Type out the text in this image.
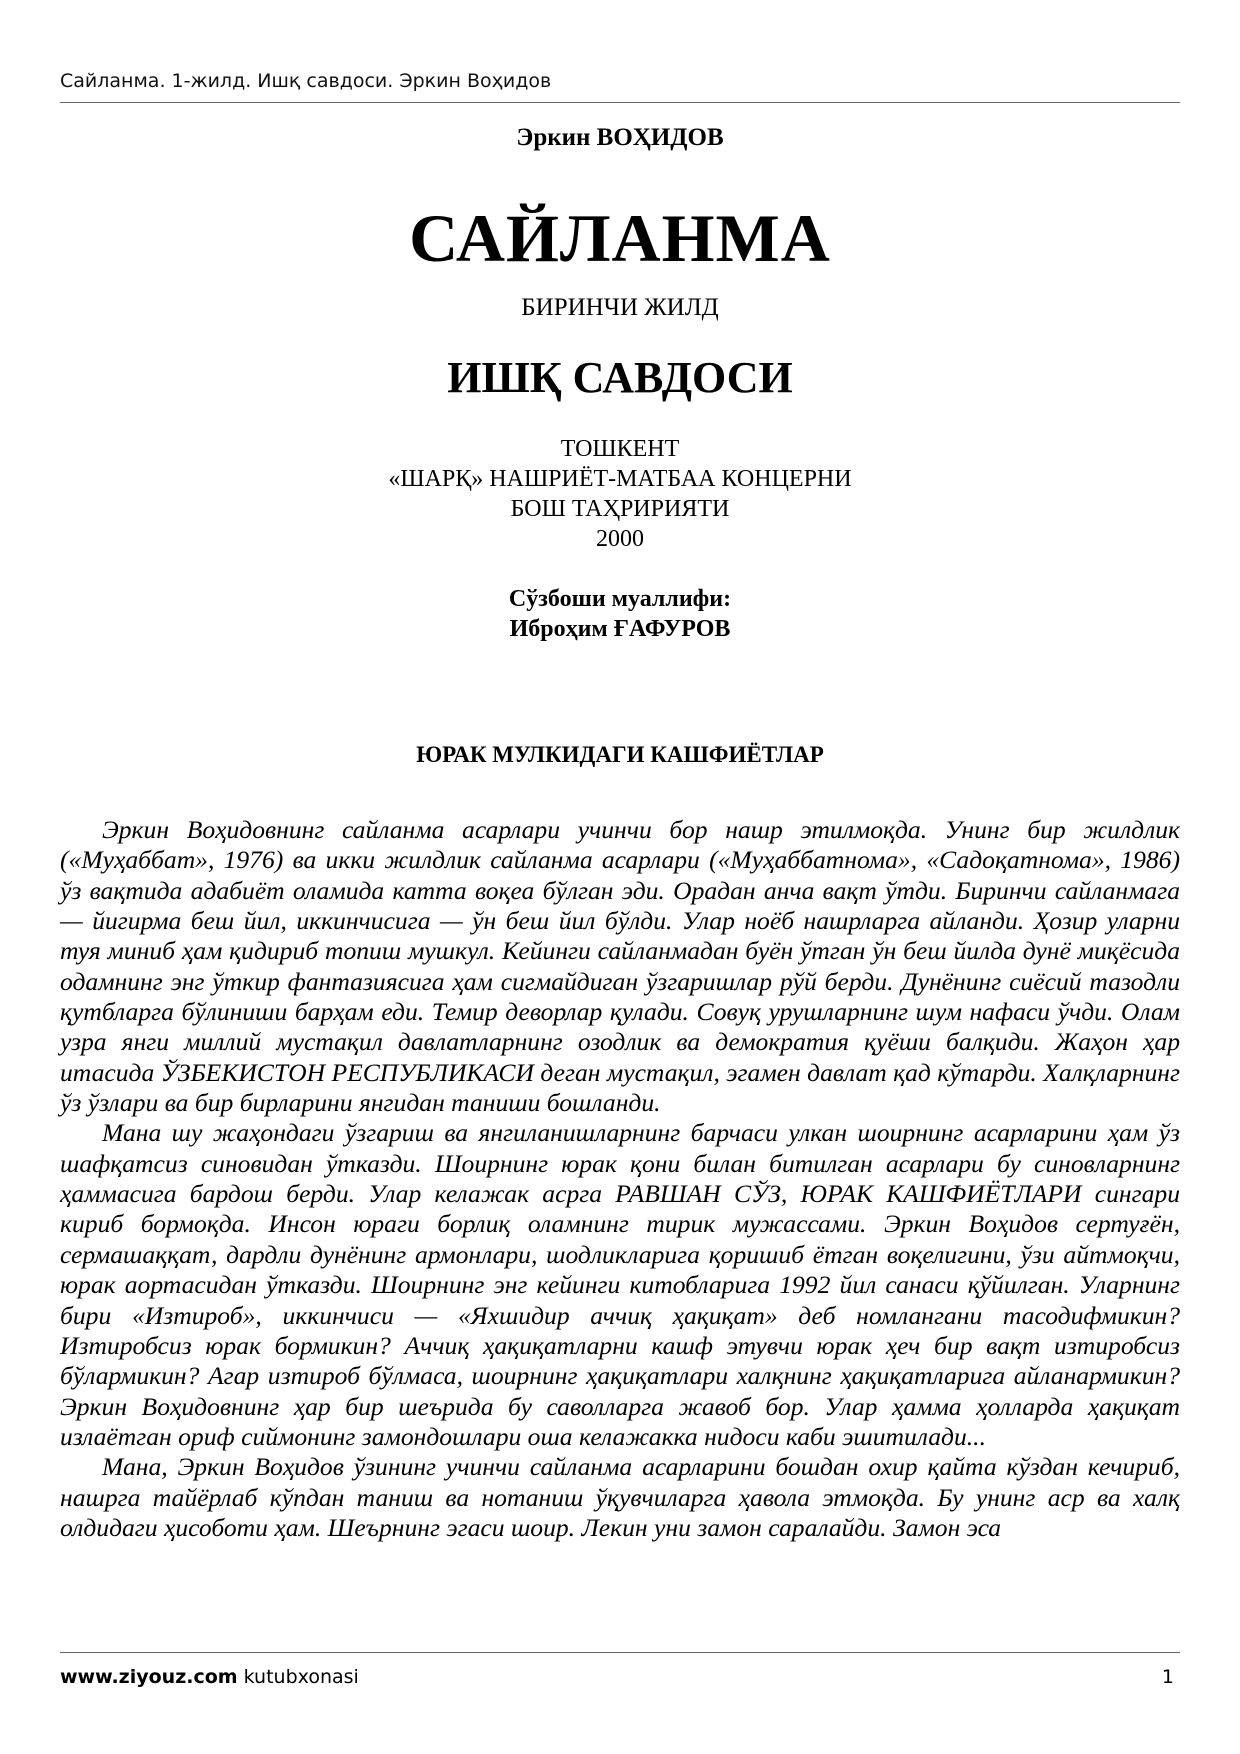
Сайланма. 1-жилд. Ишқ савдоси. Эркин Воҳидов
Эркин ВОҲИДОВ
САЙЛАНМА
БИРИНЧИ ЖИЛД
ИШҚ САВДОСИ
ТОШКЕНТ
«ШАРҚ» НАШРИЁТ-МАТБАА КОНЦЕРНИ
БОШ ТАҲРИРИЯТИ
2000
Сўзбоши муаллифи:
Иброҳим ҒАФУРОВ
ЮРАК МУЛКИДАГИ КАШФИЁТЛАР

Эркин Воҳидовнинг сайланма асарлари учинчи бор нашр этилмоқда. Унинг бир жилдлик («Муҳаббат», 1976) ва икки жилдлик сайланма асарлари («Муҳаббатнома», «Садоқатнома», 1986) ўз вақтида адабиёт оламида катта воқеа бўлган эди. Орадан анча вақт ўтди. Биринчи сайланмага — йигирма беш йил, иккинчисига — ўн беш йил бўлди. Улар ноёб нашрларга айланди. Ҳозир уларни туя миниб ҳам қидириб топиш мушкул. Кейинги сайланмадан буён ўтган ўн беш йилда дунё миқёсида одамнинг энг ўткир фантазиясига ҳам сигмайдиган ўзгаришлар рўй берди. Дунёнинг сиёсий тазодли қутбларга бўлиниши барҳам еди. Темир деворлар қулади. Совуқ урушларнинг шум нафаси ўчди. Олам узра янги миллий мустақил давлатларнинг озодлик ва демократия қуёши балқиди. Жаҳон ҳар итасида ЎЗБЕКИСТОН РЕСПУБЛИКАСИ деган мустақил, эгамен давлат қад кўтарди. Халқларнинг ўз ўзлари ва бир бирларини янгидан таниши бошланди.

Мана шу жаҳондаги ўзгариш ва янгиланишларнинг барчаси улкан шоирнинг асарларини ҳам ўз шафқатсиз синовидан ўтказди. Шоирнинг юрак қони билан битилган асарлари бу синовларнинг ҳаммасига бардош берди. Улар келажак асрга РАВШАН СЎЗ, ЮРАК КАШФИЁТЛАРИ сингари кириб бормоқда. Инсон юраги борлиқ оламнинг тирик мужассами. Эркин Воҳидов сертуғён, сермашаққат, дардли дунёнинг армонлари, шодликларига қоришиб ётган воқелигини, ўзи айтмоқчи, юрак аортасидан ўтказди. Шоирнинг энг кейинги китобларига 1992 йил санаси қўйилган. Уларнинг бири «Изтироб», иккинчиси — «Яхшидир аччиқ ҳақиқат» деб номлангани тасодифмикин? Изтиробсиз юрак бормикин? Аччиқ ҳақиқатларни кашф этувчи юрак ҳеч бир вақт изтиробсиз бўлармикин? Агар изтироб бўлмаса, шоирнинг ҳақиқатлари халқнинг ҳақиқатларига айланармикин? Эркин Воҳидовнинг ҳар бир шеърида бу саволларга жавоб бор. Улар ҳамма ҳолларда ҳақиқат излаётган ориф сиймонинг замондошлари оша келажакка нидоси каби эшитилади...

Мана, Эркин Воҳидов ўзининг учинчи сайланма асарларини бошдан охир қайта кўздан кечириб, нашрга тайёрлаб кўпдан таниш ва нотаниш ўқувчиларга ҳавола этмоқда. Бу унинг аср ва халқ олдидаги ҳисоботи ҳам. Шеърнинг эгаси шоир. Лекин уни замон саралайди. Замон эса

www.ziyouz.com kutubxonasi	1
